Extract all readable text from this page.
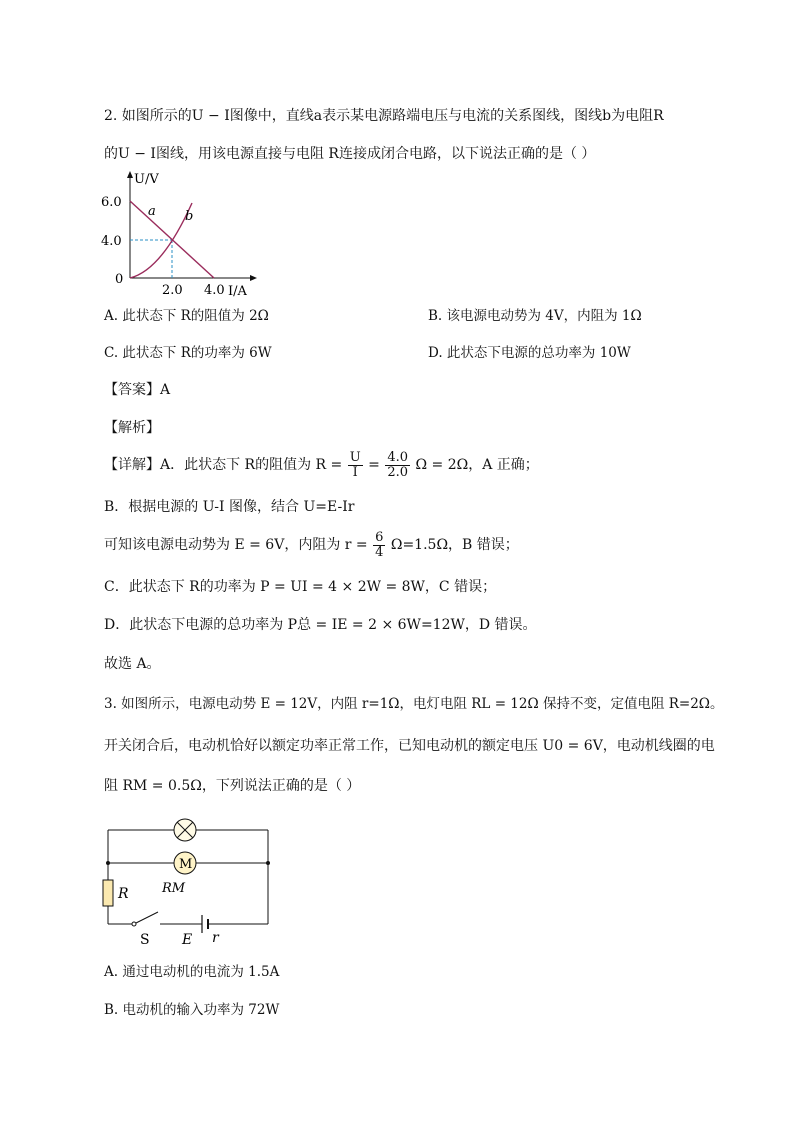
2. 如图所示的U − I图像中，直线a表示某电源路端电压与电流的关系图线，图线b为电阻R
的U − I图线，用该电源直接与电阻 R连接成闭合电路，以下说法正确的是（ ）
U/V
I/A
6.0
4.0
0
2.0 4.0
a b
A. 此状态下 R的阻值为 2Ω	B. 该电源电动势为 4V，内阻为 1Ω
C. 此状态下 R的功率为 6W	D. 此状态下电源的总功率为 10W
【答案】A
【解析】
【详解】A．此状态下 R的阻值为 $R = \frac{U}{I} = \frac{4.0}{2.0}$ Ω = 2Ω，A 正确；
B．根据电源的 U-I 图像，结合 U=E-Ir
可知该电源电动势为 E = 6V，内阻为 $r = \frac{6}{4} \Omega=1.5\Omega$，B 错误；
C．此状态下 R的功率为 P = UI = 4 × 2W = 8W，C 错误；
D．此状态下电源的总功率为 P总 = IE = 2 × 6W=12W，D 错误。
故选 A。
3. 如图所示，电源电动势 E = 12V，内阻 r=1Ω，电灯电阻 RL = 12Ω 保持不变，定值电阻 R=2Ω。
开关闭合后，电动机恰好以额定功率正常工作，已知电动机的额定电压 U0 = 6V，电动机线圈的电
阻 RM = 0.5Ω，下列说法正确的是（ ）
M
RM
R
S E r
A. 通过电动机的电流为 1.5A
B. 电动机的输入功率为 72W
